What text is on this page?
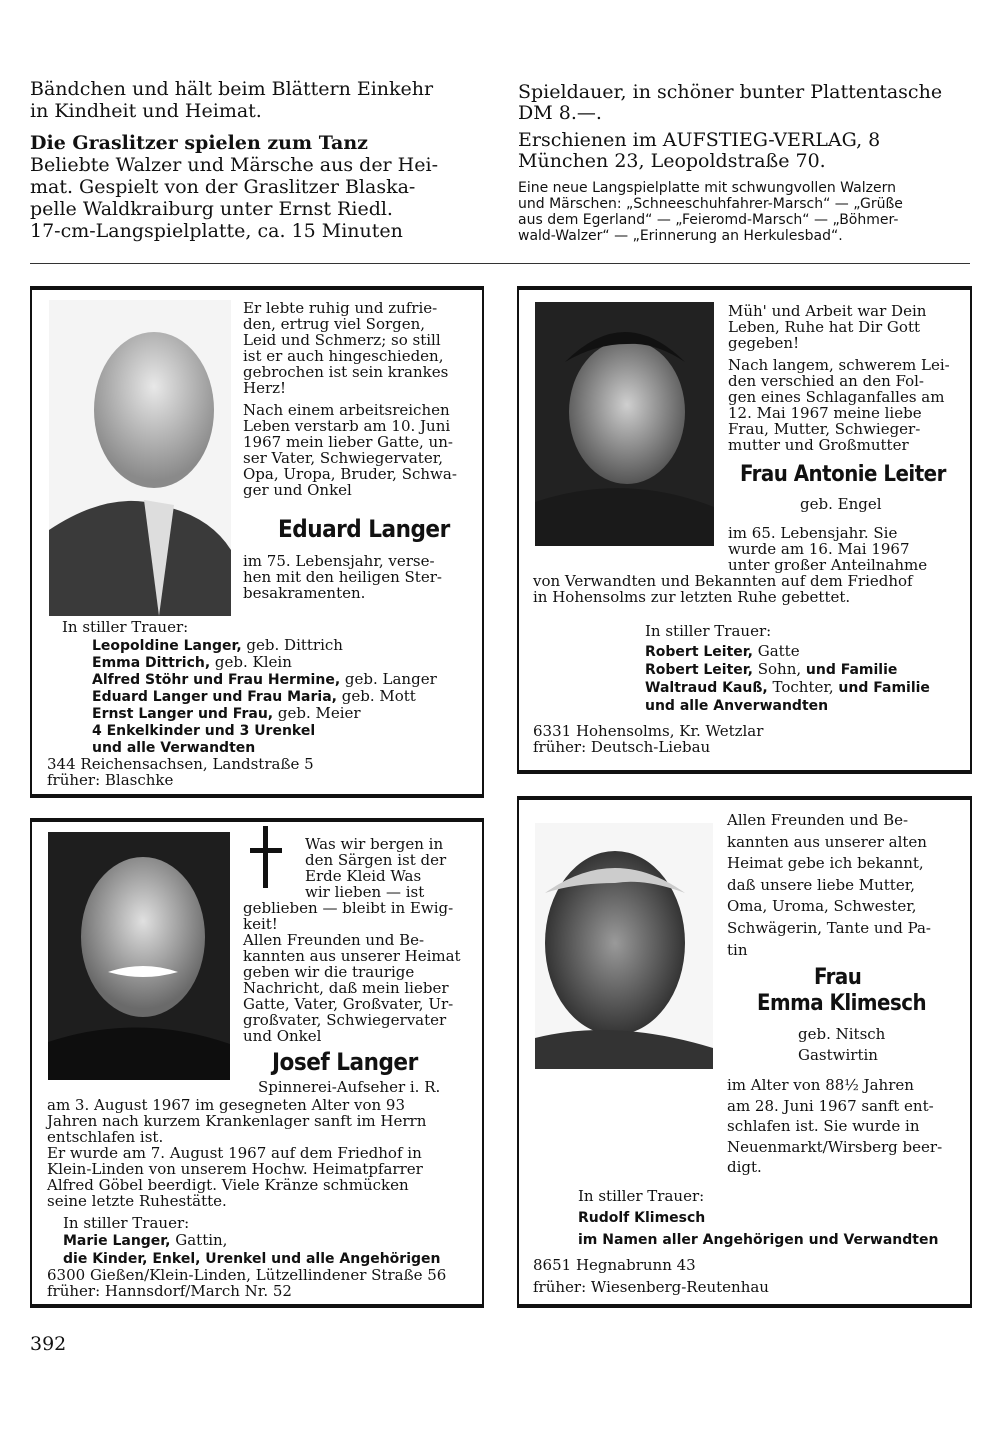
Bändchen und hält beim Blättern Einkehr
in Kindheit und Heimat.
Die Graslitzer spielen zum Tanz
Beliebte Walzer und Märsche aus der Hei-
mat. Gespielt von der Graslitzer Blaska-
pelle Waldkraiburg unter Ernst Riedl.
17-cm-Langspielplatte, ca. 15 Minuten
Spieldauer, in schöner bunter Plattentasche
DM 8.—.
Erschienen im AUFSTIEG-VERLAG, 8
München 23, Leopoldstraße 70.
Eine neue Langspielplatte mit schwungvollen Walzern
und Märschen: „Schneeschuhfahrer-Marsch“ — „Grüße
aus dem Egerland“ — „Feieromd-Marsch“ — „Böhmer-
wald-Walzer“ — „Erinnerung an Herkulesbad“.
Er lebte ruhig und zufrie-
den, ertrug viel Sorgen,
Leid und Schmerz; so still
ist er auch hingeschieden,
gebrochen ist sein krankes
Herz!
Nach einem arbeitsreichen
Leben verstarb am 10. Juni
1967 mein lieber Gatte, un-
ser Vater, Schwiegervater,
Opa, Uropa, Bruder, Schwa-
ger und Onkel
Eduard Langer
im 75. Lebensjahr, verse-
hen mit den heiligen Ster-
besakramenten.
In stiller Trauer:
Leopoldine Langer, geb. Dittrich
Emma Dittrich, geb. Klein
Alfred Stöhr und Frau Hermine, geb. Langer
Eduard Langer und Frau Maria, geb. Mott
Ernst Langer und Frau, geb. Meier
4 Enkelkinder und 3 Urenkel
und alle Verwandten
344 Reichensachsen, Landstraße 5
früher: Blaschke
Müh' und Arbeit war Dein
Leben, Ruhe hat Dir Gott
gegeben!
Nach langem, schwerem Lei-
den verschied an den Fol-
gen eines Schlaganfalles am
12. Mai 1967 meine liebe
Frau, Mutter, Schwieger-
mutter und Großmutter
Frau Antonie Leiter
geb. Engel
im 65. Lebensjahr. Sie
wurde am 16. Mai 1967
unter großer Anteilnahme
von Verwandten und Bekannten auf dem Friedhof
in Hohensolms zur letzten Ruhe gebettet.
In stiller Trauer:
Robert Leiter, Gatte
Robert Leiter, Sohn, und Familie
Waltraud Kauß, Tochter, und Familie
und alle Anverwandten
6331 Hohensolms, Kr. Wetzlar
früher: Deutsch-Liebau
Was wir bergen in
den Särgen ist der
Erde Kleid Was
wir lieben — ist
geblieben — bleibt in Ewig-
keit!
Allen Freunden und Be-
kannten aus unserer Heimat
geben wir die traurige
Nachricht, daß mein lieber
Gatte, Vater, Großvater, Ur-
großvater, Schwiegervater
und Onkel
Josef Langer
Spinnerei-Aufseher i. R.
am 3. August 1967 im gesegneten Alter von 93
Jahren nach kurzem Krankenlager sanft im Herrn
entschlafen ist.
Er wurde am 7. August 1967 auf dem Friedhof in
Klein-Linden von unserem Hochw. Heimatpfarrer
Alfred Göbel beerdigt. Viele Kränze schmücken
seine letzte Ruhestätte.
In stiller Trauer:
Marie Langer, Gattin,
die Kinder, Enkel, Urenkel und alle Angehörigen
6300 Gießen/Klein-Linden, Lützellindener Straße 56
früher: Hannsdorf/March Nr. 52
Allen Freunden und Be-
kannten aus unserer alten
Heimat gebe ich bekannt,
daß unsere liebe Mutter,
Oma, Uroma, Schwester,
Schwägerin, Tante und Pa-
tin
Frau
Emma Klimesch
geb. Nitsch
Gastwirtin
im Alter von 88½ Jahren
am 28. Juni 1967 sanft ent-
schlafen ist. Sie wurde in
Neuenmarkt/Wirsberg beer-
digt.
In stiller Trauer:
Rudolf Klimesch
im Namen aller Angehörigen und Verwandten
8651 Hegnabrunn 43
früher: Wiesenberg-Reutenhau
392
